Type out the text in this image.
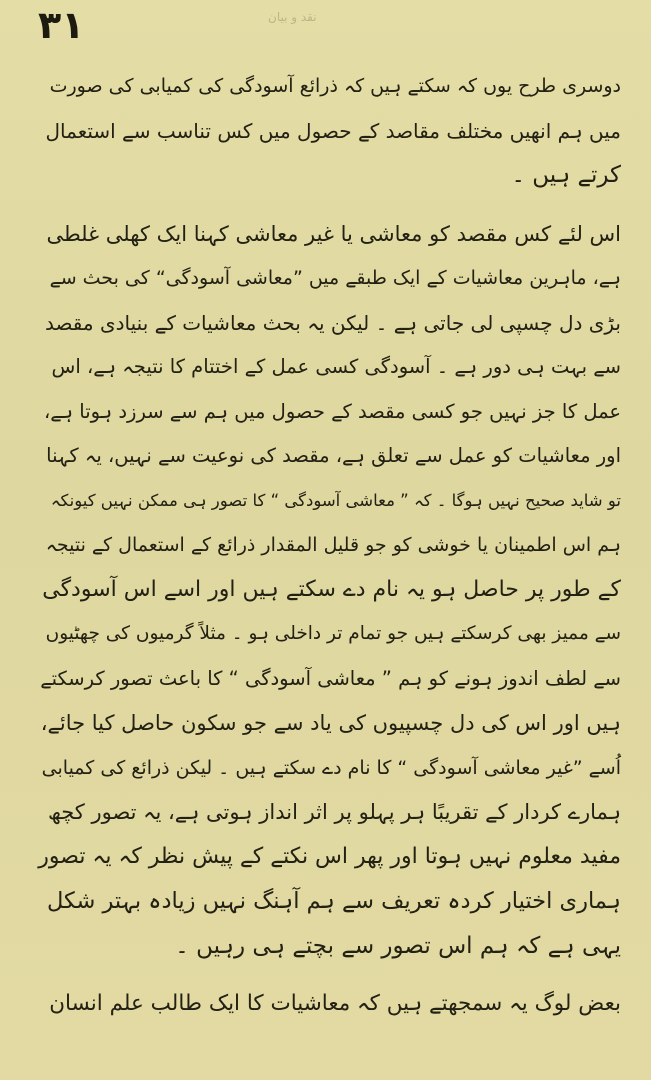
۳۱	نقد و بیان
دوسری طرح یوں کہ سکتے ہیں کہ ذرائع آسودگی کی کمیابی کی صورت
میں ہم انھیں مختلف مقاصد کے حصول میں کس تناسب سے استعمال
کرتے ہیں ۔
اس لئے کس مقصد کو معاشی یا غیر معاشی کہنا ایک کھلی غلطی
ہے، ماہرین معاشیات کے ایک طبقے میں ”معاشی آسودگی“ کی بحث سے
بڑی دل چسپی لی جاتی ہے ۔ لیکن یہ بحث معاشیات کے بنیادی مقصد
سے بہت ہی دور ہے ۔ آسودگی کسی عمل کے اختتام کا نتیجہ ہے، اس
عمل کا جز نہیں جو کسی مقصد کے حصول میں ہم سے سرزد ہوتا ہے،
اور معاشیات کو عمل سے تعلق ہے، مقصد کی نوعیت سے نہیں، یہ کہنا
تو شاید صحیح نہیں ہوگا ۔ کہ ” معاشی آسودگی “ کا تصور ہی ممکن نہیں کیونکہ
ہم اس اطمینان یا خوشی کو جو قلیل المقدار ذرائع کے استعمال کے نتیجہ
کے طور پر حاصل ہو یہ نام دے سکتے ہیں اور اسے اس آسودگی
سے ممیز بھی کرسکتے ہیں جو تمام تر داخلی ہو ۔ مثلاً گرمیوں کی چھٹیوں
سے لطف اندوز ہونے کو ہم ” معاشی آسودگی “ کا باعث تصور کرسکتے
ہیں اور اس کی دل چسپیوں کی یاد سے جو سکون حاصل کیا جائے،
اُسے ”غیر معاشی آسودگی “ کا نام دے سکتے ہیں ۔ لیکن ذرائع کی کمیابی
ہمارے کردار کے تقریبًا ہر پہلو پر اثر انداز ہوتی ہے، یہ تصور کچھ
مفید معلوم نہیں ہوتا اور پھر اس نکتے کے پیش نظر کہ یہ تصور
ہماری اختیار کردہ تعریف سے ہم آہنگ نہیں زیادہ بہتر شکل
یہی ہے کہ ہم اس تصور سے بچتے ہی رہیں ۔
بعض لوگ یہ سمجھتے ہیں کہ معاشیات کا ایک طالب علم انسان
